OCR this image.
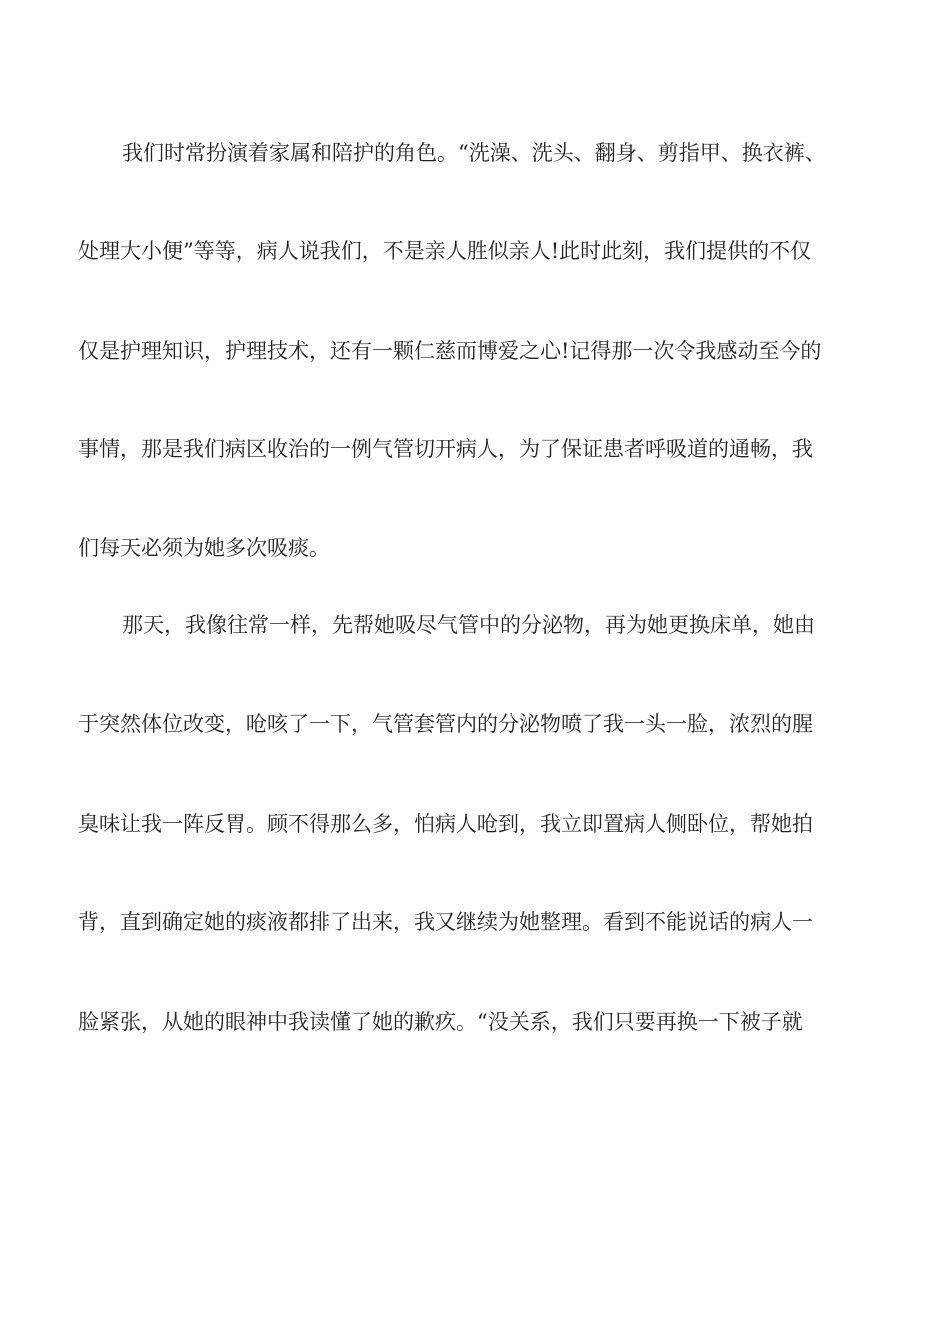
我们时常扮演着家属和陪护的角色。“洗澡、洗头、翻身、剪指甲、换衣裤、
处理大小便”等等，病人说我们，不是亲人胜似亲人!此时此刻，我们提供的不仅
仅是护理知识，护理技术，还有一颗仁慈而博爱之心!记得那一次令我感动至今的
事情，那是我们病区收治的一例气管切开病人，为了保证患者呼吸道的通畅，我
们每天必须为她多次吸痰。
那天，我像往常一样，先帮她吸尽气管中的分泌物，再为她更换床单，她由
于突然体位改变，呛咳了一下，气管套管内的分泌物喷了我一头一脸，浓烈的腥
臭味让我一阵反胃。顾不得那么多，怕病人呛到，我立即置病人侧卧位，帮她拍
背，直到确定她的痰液都排了出来，我又继续为她整理。看到不能说话的病人一
脸紧张，从她的眼神中我读懂了她的歉疚。“没关系，我们只要再换一下被子就
